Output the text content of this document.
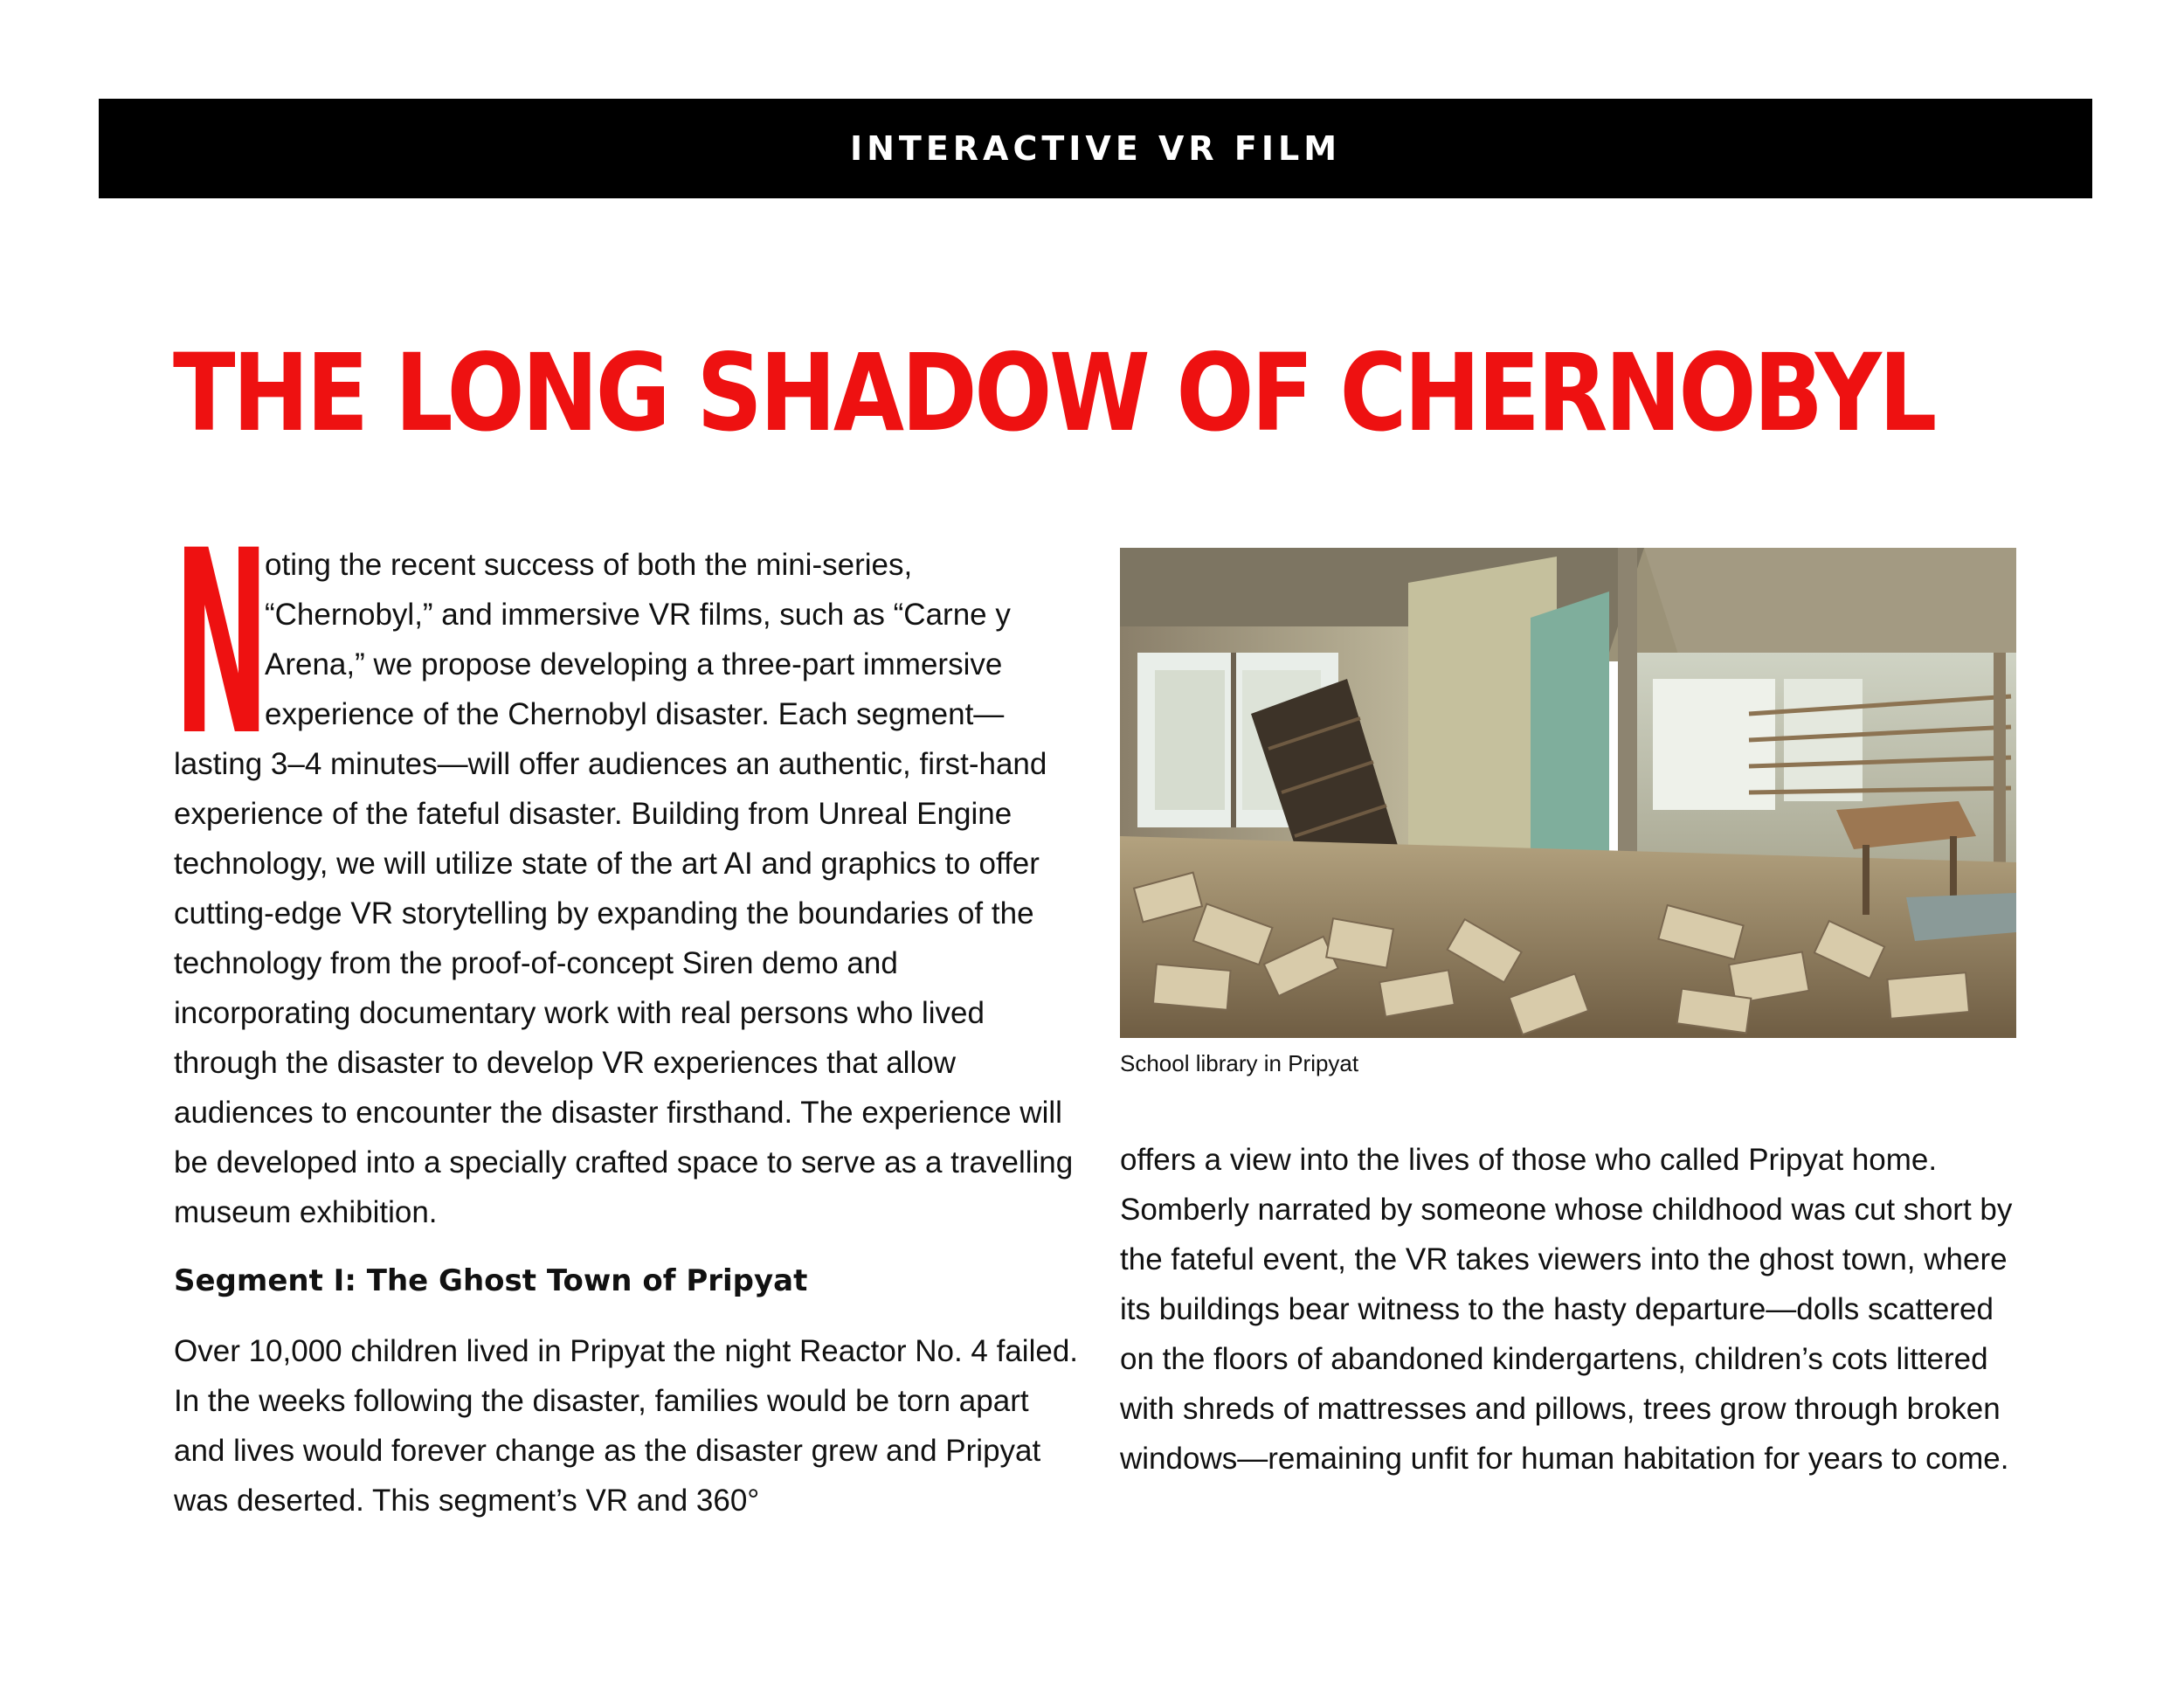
INTERACTIVE VR FILM
THE LONG SHADOW OF CHERNOBYL
N

oting the recent success of both the mini-series, “Chernobyl,” and immersive VR films, such as “Carne y Arena,” we propose developing a three-part immersive experience of the Chernobyl disaster. Each segment—lasting 3–4 minutes—will offer audiences an authentic, first-hand experience of the fateful disaster. Building from Unreal Engine technology, we will utilize state of the art AI and graphics to offer cutting-edge VR storytelling by expanding the boundaries of the technology from the proof-of-concept Siren demo and incorporating documentary work with real persons who lived through the disaster to develop VR experiences that allow audiences to encounter the disaster firsthand. The experience will be developed into a specially crafted space to serve as a travelling museum exhibition.

Segment I: The Ghost Town of Pripyat

Over 10,000 children lived in Pripyat the night Reactor No. 4 failed. In the weeks following the disaster, families would be torn apart and lives would forever change as the disaster grew and Pripyat was deserted. This segment’s VR and 360°

School library in Pripyat

offers a view into the lives of those who called Pripyat home. Somberly narrated by someone whose childhood was cut short by the fateful event, the VR takes viewers into the ghost town, where its buildings bear witness to the hasty departure—dolls scattered on the floors of abandoned kindergartens, children’s cots littered with shreds of mattresses and pillows, trees grow through broken windows—remaining unfit for human habitation for years to come.
